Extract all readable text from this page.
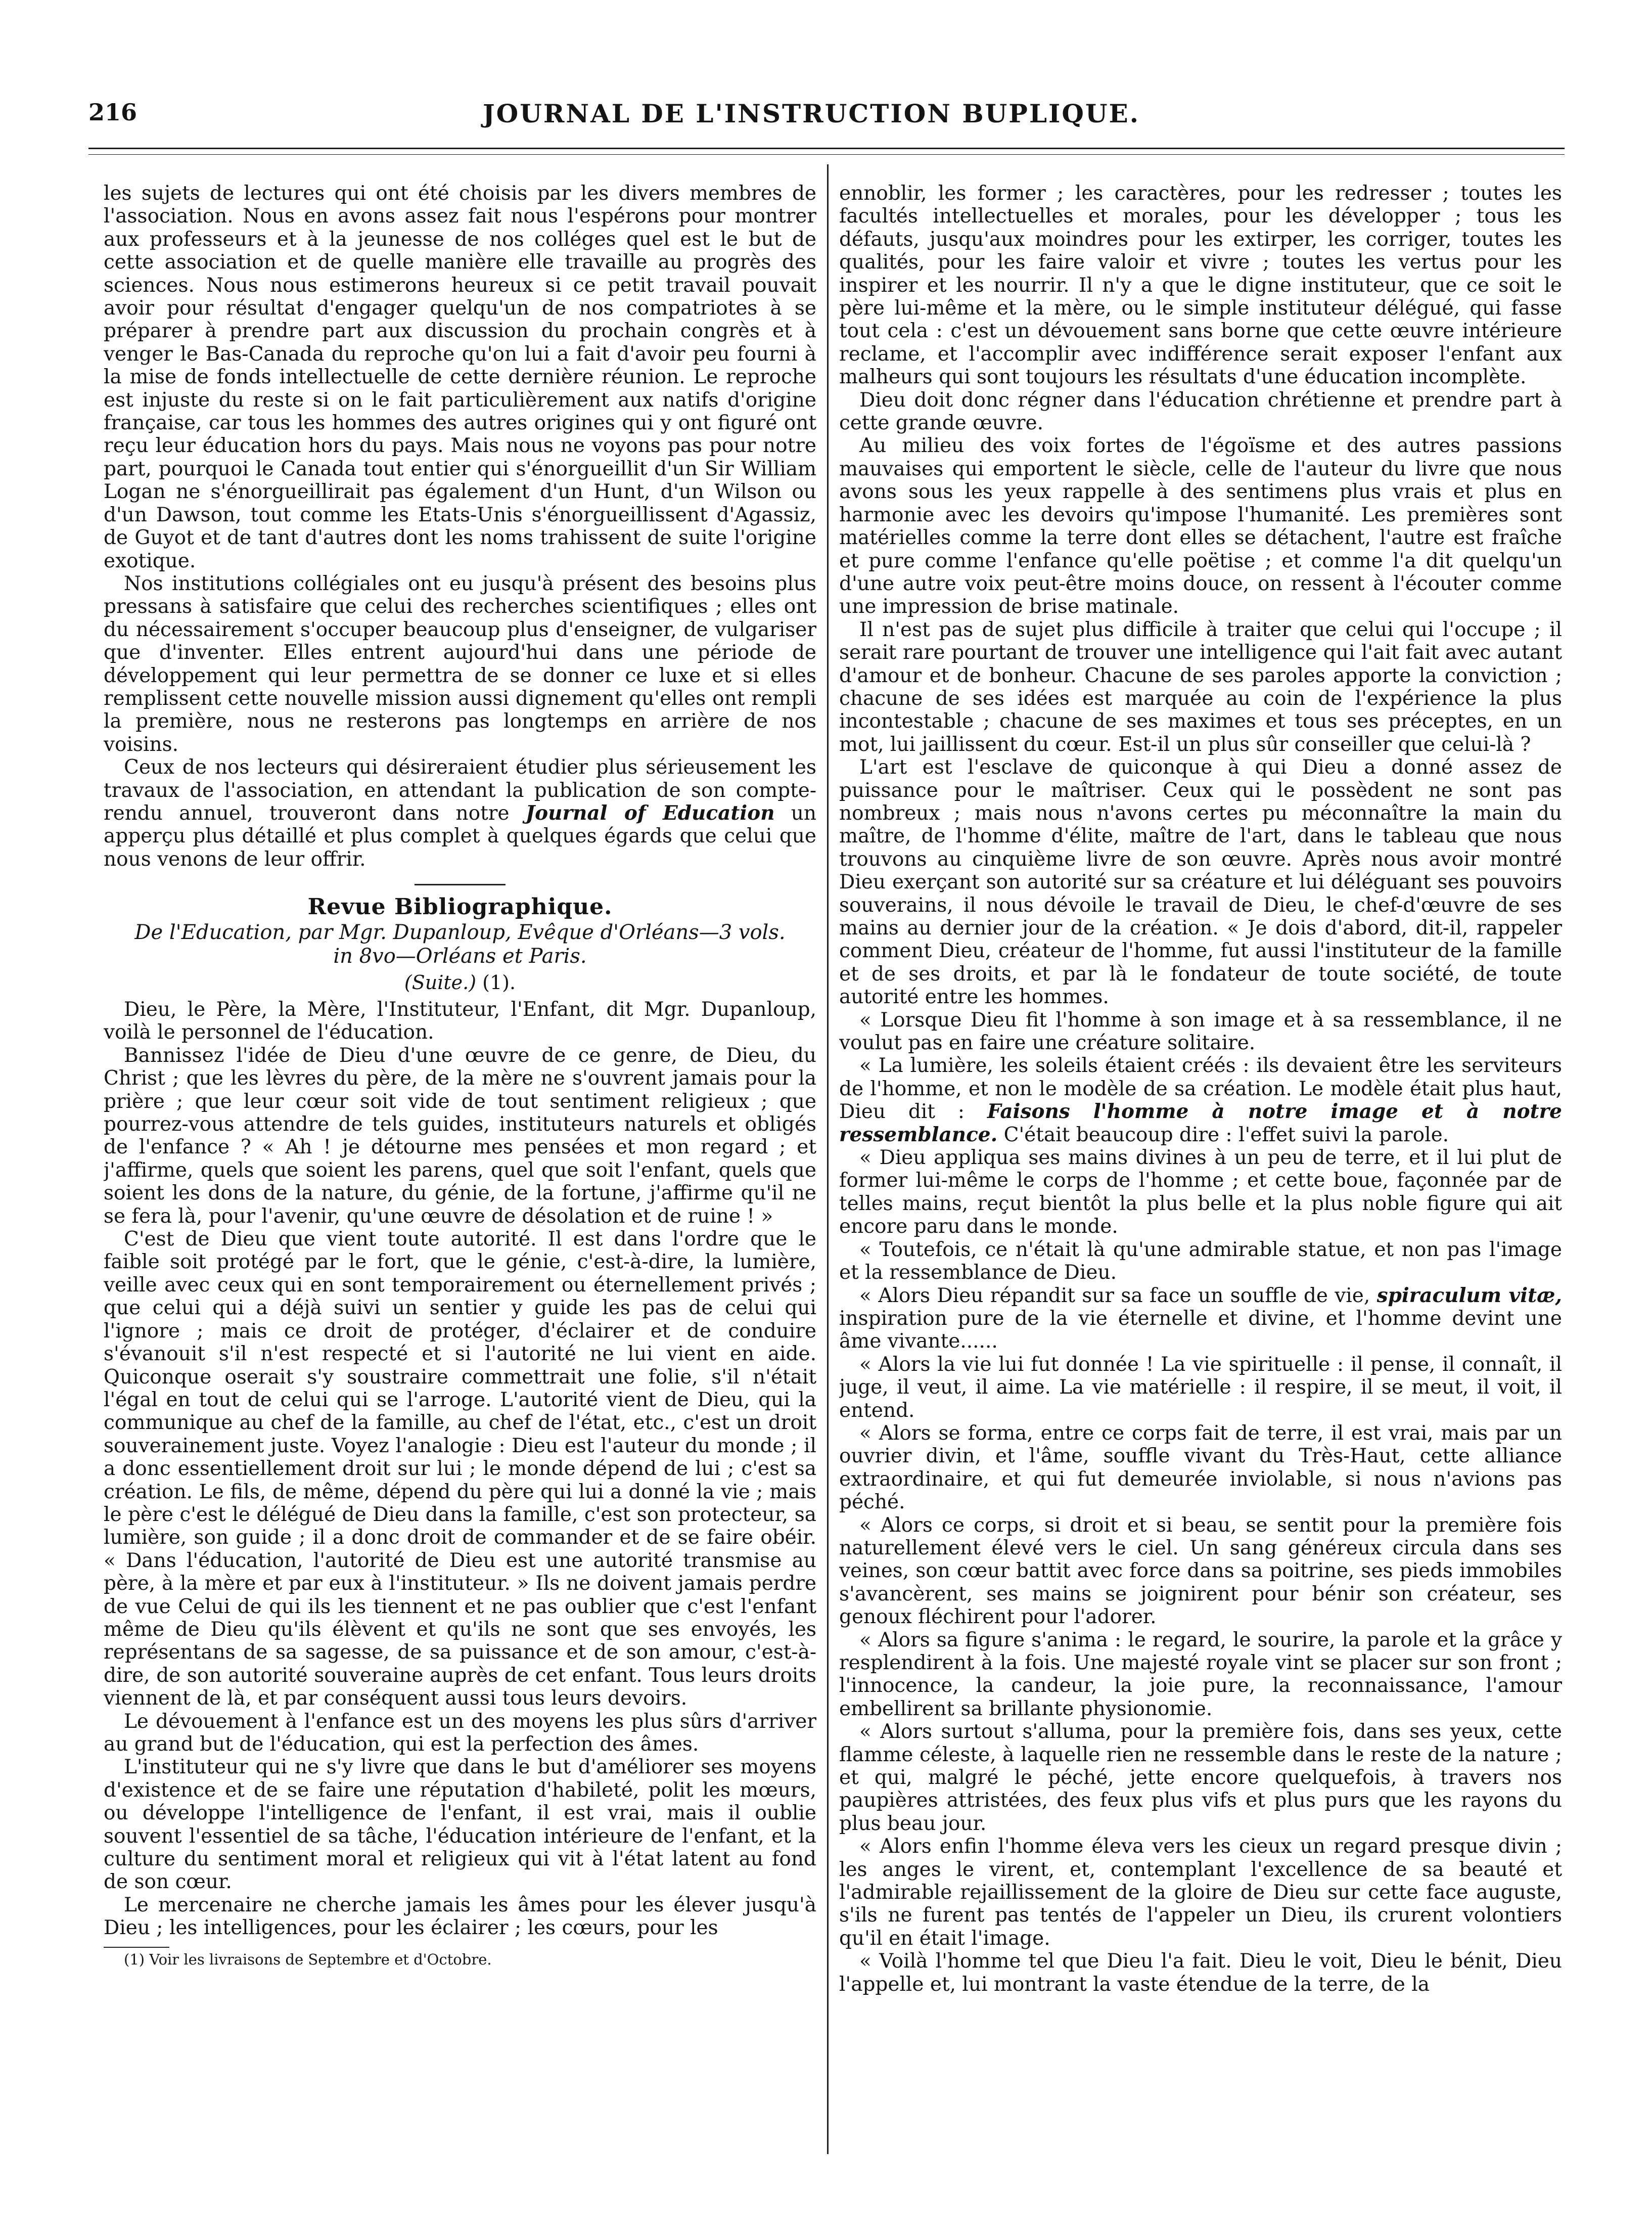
216	JOURNAL DE L'INSTRUCTION BUPLIQUE.

les sujets de lectures qui ont été choisis par les divers membres de l'association. Nous en avons assez fait nous l'espérons pour montrer aux professeurs et à la jeunesse de nos colléges quel est le but de cette association et de quelle manière elle travaille au progrès des sciences. Nous nous estimerons heureux si ce petit travail pouvait avoir pour résultat d'engager quelqu'un de nos compatriotes à se préparer à prendre part aux discussion du prochain congrès et à venger le Bas-Canada du reproche qu'on lui a fait d'avoir peu fourni à la mise de fonds intellectuelle de cette dernière réunion. Le reproche est injuste du reste si on le fait particulièrement aux natifs d'origine française, car tous les hommes des autres origines qui y ont figuré ont reçu leur éducation hors du pays. Mais nous ne voyons pas pour notre part, pourquoi le Canada tout entier qui s'énorgueillit d'un Sir William Logan ne s'énorgueillirait pas également d'un Hunt, d'un Wilson ou d'un Dawson, tout comme les Etats-Unis s'énorgueillissent d'Agassiz, de Guyot et de tant d'autres dont les noms trahissent de suite l'origine exotique.

Nos institutions collégiales ont eu jusqu'à présent des besoins plus pressans à satisfaire que celui des recherches scientifiques ; elles ont du nécessairement s'occuper beaucoup plus d'enseigner, de vulgariser que d'inventer. Elles entrent aujourd'hui dans une période de développement qui leur permettra de se donner ce luxe et si elles remplissent cette nouvelle mission aussi dignement qu'elles ont rempli la première, nous ne resterons pas longtemps en arrière de nos voisins.

Ceux de nos lecteurs qui désireraient étudier plus sérieusement les travaux de l'association, en attendant la publication de son compte-rendu annuel, trouveront dans notre Journal of Education un apperçu plus détaillé et plus complet à quelques égards que celui que nous venons de leur offrir.

Revue Bibliographique.
De l'Education, par Mgr. Dupanloup, Evêque d'Orléans—3 vols.
in 8vo—Orléans et Paris.
(Suite.) (1).

Dieu, le Père, la Mère, l'Instituteur, l'Enfant, dit Mgr. Dupanloup, voilà le personnel de l'éducation.

Bannissez l'idée de Dieu d'une œuvre de ce genre, de Dieu, du Christ ; que les lèvres du père, de la mère ne s'ouvrent jamais pour la prière ; que leur cœur soit vide de tout sentiment religieux ; que pourrez-vous attendre de tels guides, instituteurs naturels et obligés de l'enfance ? « Ah ! je détourne mes pensées et mon regard ; et j'affirme, quels que soient les parens, quel que soit l'enfant, quels que soient les dons de la nature, du génie, de la fortune, j'affirme qu'il ne se fera là, pour l'avenir, qu'une œuvre de désolation et de ruine ! »

C'est de Dieu que vient toute autorité. Il est dans l'ordre que le faible soit protégé par le fort, que le génie, c'est-à-dire, la lumière, veille avec ceux qui en sont temporairement ou éternellement privés ; que celui qui a déjà suivi un sentier y guide les pas de celui qui l'ignore ; mais ce droit de protéger, d'éclairer et de conduire s'évanouit s'il n'est respecté et si l'autorité ne lui vient en aide. Quiconque oserait s'y soustraire commettrait une folie, s'il n'était l'égal en tout de celui qui se l'arroge. L'autorité vient de Dieu, qui la communique au chef de la famille, au chef de l'état, etc., c'est un droit souverainement juste. Voyez l'analogie : Dieu est l'auteur du monde ; il a donc essentiellement droit sur lui ; le monde dépend de lui ; c'est sa création. Le fils, de même, dépend du père qui lui a donné la vie ; mais le père c'est le délégué de Dieu dans la famille, c'est son protecteur, sa lumière, son guide ; il a donc droit de commander et de se faire obéir. « Dans l'éducation, l'autorité de Dieu est une autorité transmise au père, à la mère et par eux à l'instituteur. » Ils ne doivent jamais perdre de vue Celui de qui ils les tiennent et ne pas oublier que c'est l'enfant même de Dieu qu'ils élèvent et qu'ils ne sont que ses envoyés, les représentans de sa sagesse, de sa puissance et de son amour, c'est-à-dire, de son autorité souveraine auprès de cet enfant. Tous leurs droits viennent de là, et par conséquent aussi tous leurs devoirs.

Le dévouement à l'enfance est un des moyens les plus sûrs d'arriver au grand but de l'éducation, qui est la perfection des âmes.

L'instituteur qui ne s'y livre que dans le but d'améliorer ses moyens d'existence et de se faire une réputation d'habileté, polit les mœurs, ou développe l'intelligence de l'enfant, il est vrai, mais il oublie souvent l'essentiel de sa tâche, l'éducation intérieure de l'enfant, et la culture du sentiment moral et religieux qui vit à l'état latent au fond de son cœur.

Le mercenaire ne cherche jamais les âmes pour les élever jusqu'à Dieu ; les intelligences, pour les éclairer ; les cœurs, pour les

(1) Voir les livraisons de Septembre et d'Octobre.

ennoblir, les former ; les caractères, pour les redresser ; toutes les facultés intellectuelles et morales, pour les développer ; tous les défauts, jusqu'aux moindres pour les extirper, les corriger, toutes les qualités, pour les faire valoir et vivre ; toutes les vertus pour les inspirer et les nourrir. Il n'y a que le digne instituteur, que ce soit le père lui-même et la mère, ou le simple instituteur délégué, qui fasse tout cela : c'est un dévouement sans borne que cette œuvre intérieure reclame, et l'accomplir avec indifférence serait exposer l'enfant aux malheurs qui sont toujours les résultats d'une éducation incomplète.

Dieu doit donc régner dans l'éducation chrétienne et prendre part à cette grande œuvre.

Au milieu des voix fortes de l'égoïsme et des autres passions mauvaises qui emportent le siècle, celle de l'auteur du livre que nous avons sous les yeux rappelle à des sentimens plus vrais et plus en harmonie avec les devoirs qu'impose l'humanité. Les premières sont matérielles comme la terre dont elles se détachent, l'autre est fraîche et pure comme l'enfance qu'elle poëtise ; et comme l'a dit quelqu'un d'une autre voix peut-être moins douce, on ressent à l'écouter comme une impression de brise matinale.

Il n'est pas de sujet plus difficile à traiter que celui qui l'occupe ; il serait rare pourtant de trouver une intelligence qui l'ait fait avec autant d'amour et de bonheur. Chacune de ses paroles apporte la conviction ; chacune de ses idées est marquée au coin de l'expérience la plus incontestable ; chacune de ses maximes et tous ses préceptes, en un mot, lui jaillissent du cœur. Est-il un plus sûr conseiller que celui-là ?

L'art est l'esclave de quiconque à qui Dieu a donné assez de puissance pour le maîtriser. Ceux qui le possèdent ne sont pas nombreux ; mais nous n'avons certes pu méconnaître la main du maître, de l'homme d'élite, maître de l'art, dans le tableau que nous trouvons au cinquième livre de son œuvre. Après nous avoir montré Dieu exerçant son autorité sur sa créature et lui déléguant ses pouvoirs souverains, il nous dévoile le travail de Dieu, le chef-d'œuvre de ses mains au dernier jour de la création. « Je dois d'abord, dit-il, rappeler comment Dieu, créateur de l'homme, fut aussi l'instituteur de la famille et de ses droits, et par là le fondateur de toute société, de toute autorité entre les hommes.

« Lorsque Dieu fit l'homme à son image et à sa ressemblance, il ne voulut pas en faire une créature solitaire.

« La lumière, les soleils étaient créés : ils devaient être les serviteurs de l'homme, et non le modèle de sa création. Le modèle était plus haut, Dieu dit : Faisons l'homme à notre image et à notre ressemblance. C'était beaucoup dire : l'effet suivi la parole.

« Dieu appliqua ses mains divines à un peu de terre, et il lui plut de former lui-même le corps de l'homme ; et cette boue, façonnée par de telles mains, reçut bientôt la plus belle et la plus noble figure qui ait encore paru dans le monde.

« Toutefois, ce n'était là qu'une admirable statue, et non pas l'image et la ressemblance de Dieu.

« Alors Dieu répandit sur sa face un souffle de vie, spiraculum vitæ, inspiration pure de la vie éternelle et divine, et l'homme devint une âme vivante......

« Alors la vie lui fut donnée ! La vie spirituelle : il pense, il connaît, il juge, il veut, il aime. La vie matérielle : il respire, il se meut, il voit, il entend.

« Alors se forma, entre ce corps fait de terre, il est vrai, mais par un ouvrier divin, et l'âme, souffle vivant du Très-Haut, cette alliance extraordinaire, et qui fut demeurée inviolable, si nous n'avions pas péché.

« Alors ce corps, si droit et si beau, se sentit pour la première fois naturellement élevé vers le ciel. Un sang généreux circula dans ses veines, son cœur battit avec force dans sa poitrine, ses pieds immobiles s'avancèrent, ses mains se joignirent pour bénir son créateur, ses genoux fléchirent pour l'adorer.

« Alors sa figure s'anima : le regard, le sourire, la parole et la grâce y resplendirent à la fois. Une majesté royale vint se placer sur son front ; l'innocence, la candeur, la joie pure, la reconnaissance, l'amour embellirent sa brillante physionomie.

« Alors surtout s'alluma, pour la première fois, dans ses yeux, cette flamme céleste, à laquelle rien ne ressemble dans le reste de la nature ; et qui, malgré le péché, jette encore quelquefois, à travers nos paupières attristées, des feux plus vifs et plus purs que les rayons du plus beau jour.

« Alors enfin l'homme éleva vers les cieux un regard presque divin ; les anges le virent, et, contemplant l'excellence de sa beauté et l'admirable rejaillissement de la gloire de Dieu sur cette face auguste, s'ils ne furent pas tentés de l'appeler un Dieu, ils crurent volontiers qu'il en était l'image.

« Voilà l'homme tel que Dieu l'a fait. Dieu le voit, Dieu le bénit, Dieu l'appelle et, lui montrant la vaste étendue de la terre, de la
